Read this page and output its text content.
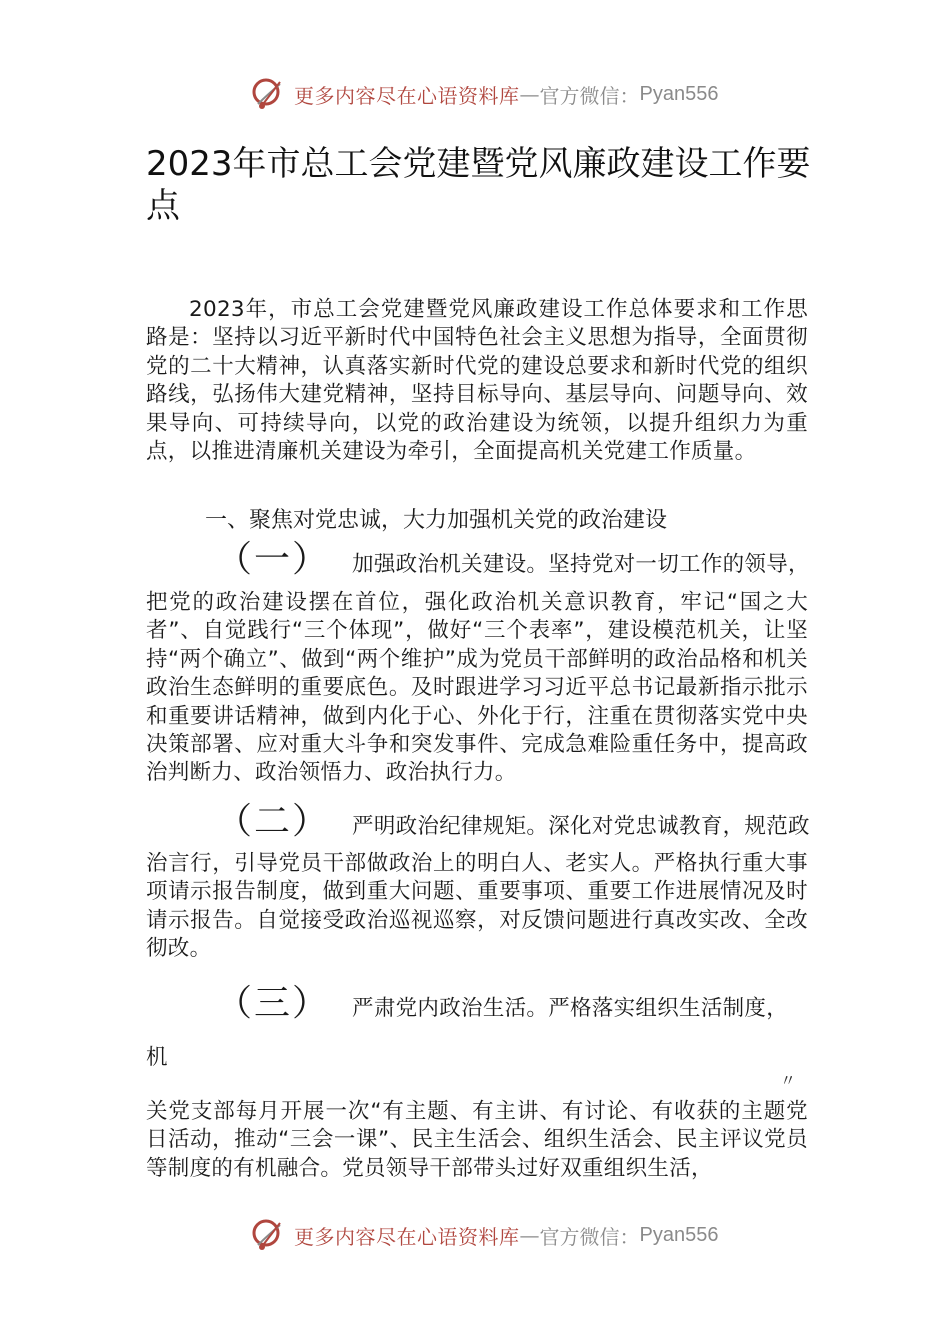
更多内容尽在心语资料库 — 官方微信： Pyan556
2023年市总工会党建暨党风廉政建设工作要点

2023年，市总工会党建暨党风廉政建设工作总体要求和工作思路是：坚持以习近平新时代中国特色社会主义思想为指导，全面贯彻党的二十大精神，认真落实新时代党的建设总要求和新时代党的组织路线，弘扬伟大建党精神，坚持目标导向、基层导向、问题导向、效果导向、可持续导向，以党的政治建设为统领，以提升组织力为重点，以推进清廉机关建设为牵引，全面提高机关党建工作质量。

一、聚焦对党忠诚，大力加强机关党的政治建设

（一） 加强政治机关建设。坚持党对一切工作的领导，

把党的政治建设摆在首位，强化政治机关意识教育，牢记“国之大者”、自觉践行“三个体现”，做好“三个表率”，建设模范机关，让坚持“两个确立”、做到“两个维护”成为党员干部鲜明的政治品格和机关政治生态鲜明的重要底色。及时跟进学习习近平总书记最新指示批示和重要讲话精神，做到内化于心、外化于行，注重在贯彻落实党中央决策部署、应对重大斗争和突发事件、完成急难险重任务中，提高政治判断力、政治领悟力、政治执行力。

（二） 严明政治纪律规矩。深化对党忠诚教育，规范政

治言行，引导党员干部做政治上的明白人、老实人。严格执行重大事项请示报告制度，做到重大问题、重要事项、重要工作进展情况及时请示报告。自觉接受政治巡视巡察，对反馈问题进行真改实改、全改彻改。

（三） 严肃党内政治生活。严格落实组织生活制度，

机

〃

关党支部每月开展一次“有主题、有主讲、有讨论、有收获的主题党日活动，推动“三会一课”、民主生活会、组织生活会、民主评议党员等制度的有机融合。党员领导干部带头过好双重组织生活，

更多内容尽在心语资料库 — 官方微信： Pyan556
